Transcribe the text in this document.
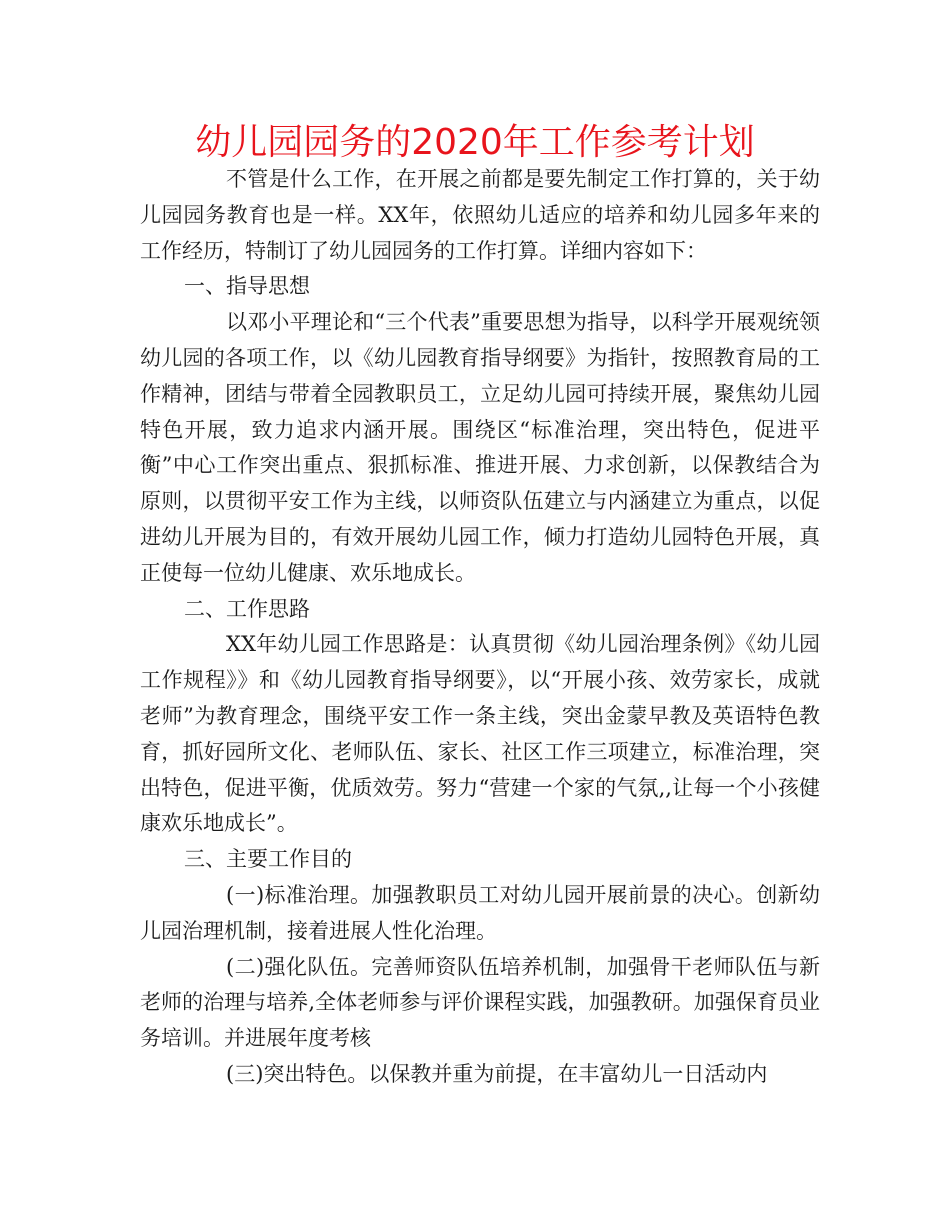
幼儿园园务的2020年工作参考计划

不管是什么工作，在开展之前都是要先制定工作打算的，关于幼儿园园务教育也是一样。XX年，依照幼儿适应的培养和幼儿园多年来的工作经历，特制订了幼儿园园务的工作打算。详细内容如下：

一、指导思想

以邓小平理论和“三个代表”重要思想为指导，以科学开展观统领幼儿园的各项工作，以《幼儿园教育指导纲要》为指针，按照教育局的工作精神，团结与带着全园教职员工，立足幼儿园可持续开展，聚焦幼儿园特色开展，致力追求内涵开展。围绕区“标准治理，突出特色，促进平衡”中心工作突出重点、狠抓标准、推进开展、力求创新，以保教结合为原则，以贯彻平安工作为主线，以师资队伍建立与内涵建立为重点，以促进幼儿开展为目的，有效开展幼儿园工作，倾力打造幼儿园特色开展，真正使每一位幼儿健康、欢乐地成长。

二、工作思路

XX年幼儿园工作思路是：认真贯彻《幼儿园治理条例》《幼儿园工作规程》》和《幼儿园教育指导纲要》，以“开展小孩、效劳家长，成就老师”为教育理念，围绕平安工作一条主线，突出金蒙早教及英语特色教育，抓好园所文化、老师队伍、家长、社区工作三项建立，标准治理，突出特色，促进平衡，优质效劳。努力“营建一个家的气氛,,让每一个小孩健康欢乐地成长”。

三、主要工作目的

(一)标准治理。加强教职员工对幼儿园开展前景的决心。创新幼儿园治理机制，接着进展人性化治理。

(二)强化队伍。完善师资队伍培养机制，加强骨干老师队伍与新老师的治理与培养,全体老师参与评价课程实践，加强教研。加强保育员业务培训。并进展年度考核

(三)突出特色。以保教并重为前提，在丰富幼儿一日活动内
